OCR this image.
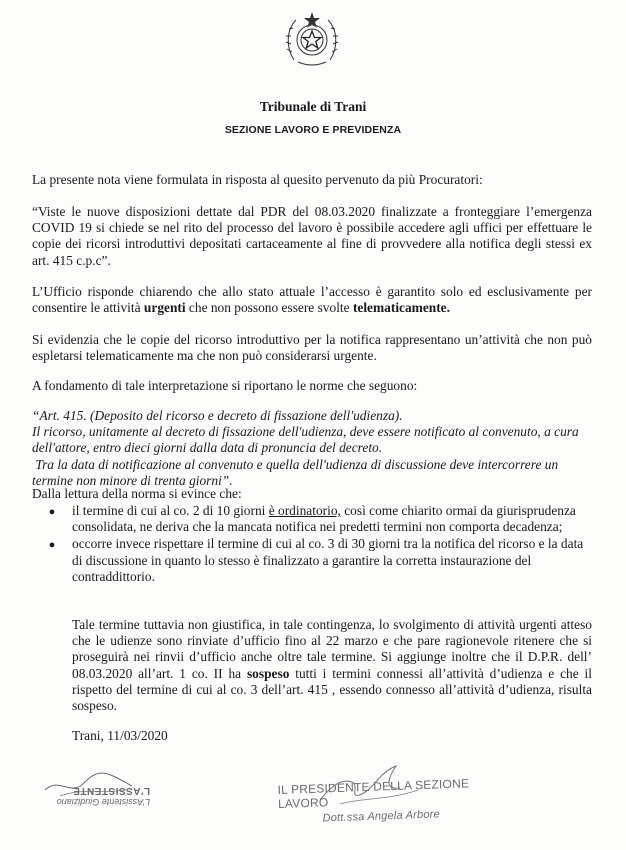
Tribunale di Trani
SEZIONE LAVORO E PREVIDENZA

La presente nota viene formulata in risposta al quesito pervenuto da più Procuratori:

“Viste le nuove disposizioni dettate dal PDR del 08.03.2020 finalizzate a fronteggiare l’emergenza COVID 19 si chiede se nel rito del processo del lavoro è possibile accedere agli uffici per effettuare le copie dei ricorsi introduttivi depositati cartaceamente al fine di provvedere alla notifica degli stessi ex art. 415 c.p.c”.

L’Ufficio risponde chiarendo che allo stato attuale l’accesso è garantito solo ed esclusivamente per consentire le attività urgenti che non possono essere svolte telematicamente.

Si evidenzia che le copie del ricorso introduttivo per la notifica rappresentano un’attività che non può espletarsi telematicamente ma che non può considerarsi urgente.

A fondamento di tale interpretazione si riportano le norme che seguono:

“Art. 415. (Deposito del ricorso e decreto di fissazione dell'udienza).
Il ricorso, unitamente al decreto di fissazione dell'udienza, deve essere notificato al convenuto, a cura dell'attore, entro dieci giorni dalla data di pronuncia del decreto.
Tra la data di notificazione al convenuto e quella dell'udienza di discussione deve intercorrere un termine non minore di trenta giorni”.

Dalla lettura della norma si evince che:

●	il termine di cui al co. 2 di 10 giorni è ordinatorio, così come chiarito ormai da giurisprudenza consolidata, ne deriva che la mancata notifica nei predetti termini non comporta decadenza;
●	occorre invece rispettare il termine di cui al co. 3 di 30 giorni tra la notifica del ricorso e la data di discussione in quanto lo stesso è finalizzato a garantire la corretta instaurazione del contraddittorio.

Tale termine tuttavia non giustifica, in tale contingenza, lo svolgimento di attività urgenti atteso che le udienze sono rinviate d’ufficio fino al 22 marzo e che pare ragionevole ritenere che si proseguirà nei rinvii d’ufficio anche oltre tale termine. Si aggiunge inoltre che il D.P.R. dell’ 08.03.2020 all’art. 1 co. II ha sospeso tutti i termini connessi all’attività d’udienza e che il rispetto del termine di cui al co. 3 dell’art. 415 , essendo connesso all’attività d’udienza, risulta sospeso.

Trani, 11/03/2020
L'Assistente Giudiziario
L'ASSISTENTE	IL PRESIDENTE DELLA SEZIONE LAVORO
Dott.ssa Angela Arbore
